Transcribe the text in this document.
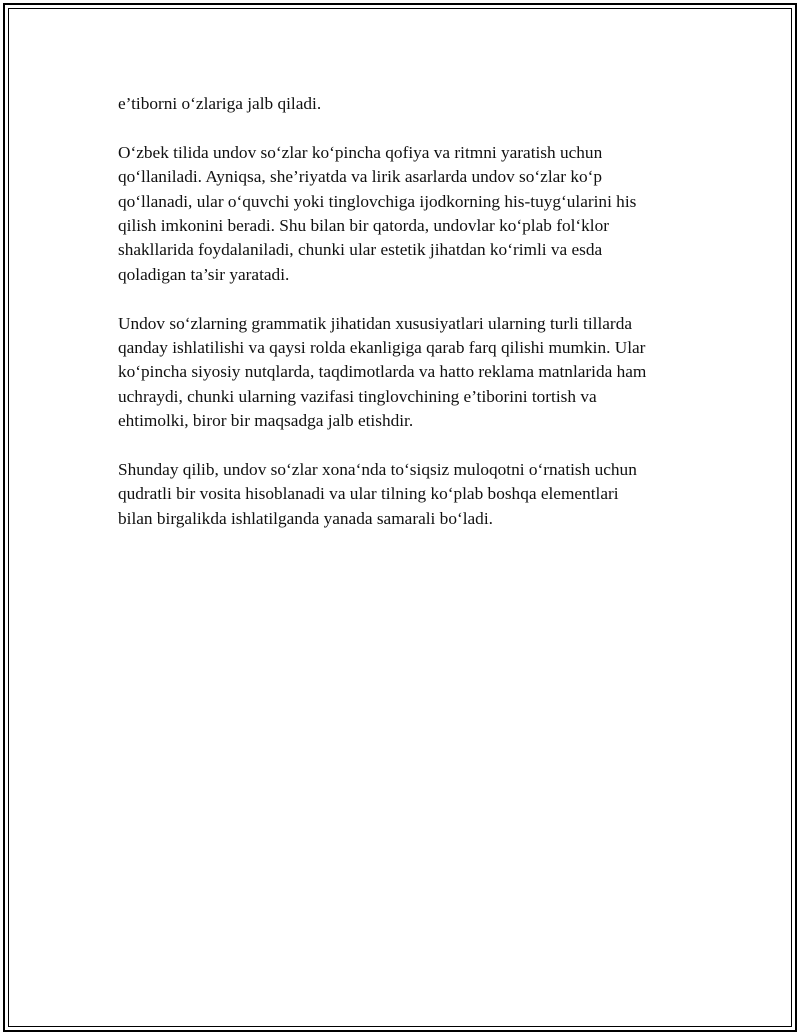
e’tiborni o‘zlariga jalb qiladi.

O‘zbek tilida undov so‘zlar ko‘pincha qofiya va ritmni yaratish uchun
qo‘llaniladi. Ayniqsa, she’riyatda va lirik asarlarda undov so‘zlar ko‘p
qo‘llanadi, ular o‘quvchi yoki tinglovchiga ijodkorning his-tuyg‘ularini his
qilish imkonini beradi. Shu bilan bir qatorda, undovlar ko‘plab fol‘klor
shakllarida foydalaniladi, chunki ular estetik jihatdan ko‘rimli va esda
qoladigan ta’sir yaratadi.

Undov so‘zlarning grammatik jihatidan xususiyatlari ularning turli tillarda
qanday ishlatilishi va qaysi rolda ekanligiga qarab farq qilishi mumkin. Ular
ko‘pincha siyosiy nutqlarda, taqdimotlarda va hatto reklama matnlarida ham
uchraydi, chunki ularning vazifasi tinglovchining e’tiborini tortish va
ehtimolki, biror bir maqsadga jalb etishdir.

Shunday qilib, undov so‘zlar xona‘nda to‘siqsiz muloqotni o‘rnatish uchun
qudratli bir vosita hisoblanadi va ular tilning ko‘plab boshqa elementlari
bilan birgalikda ishlatilganda yanada samarali bo‘ladi.
